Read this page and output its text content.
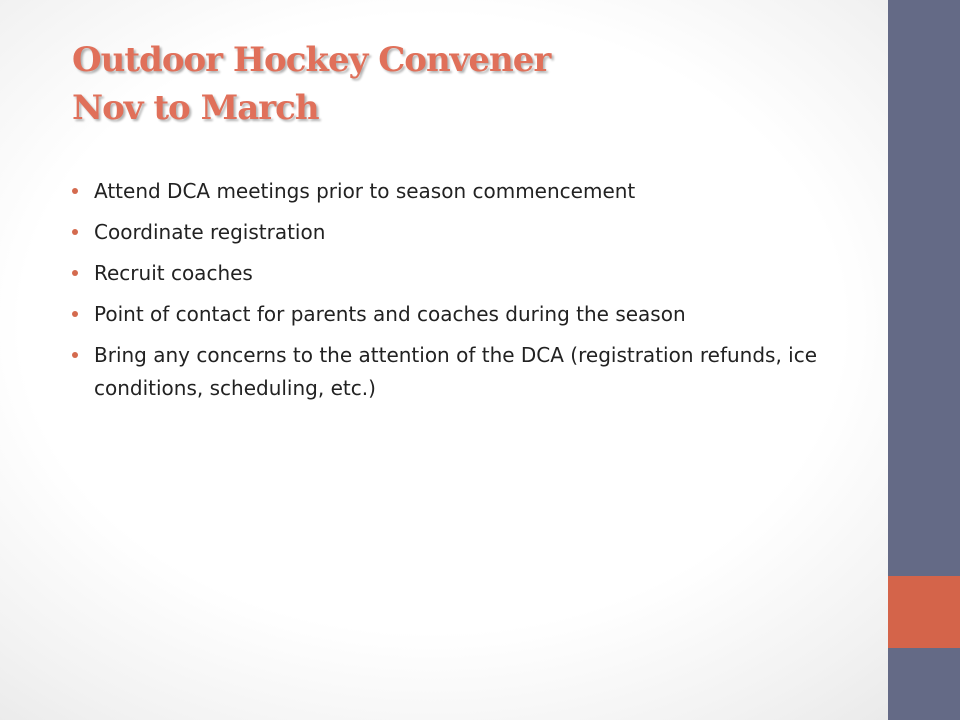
Outdoor Hockey Convener
Nov to March
Attend DCA meetings prior to season commencement
Coordinate registration
Recruit coaches
Point of contact for parents and coaches during the season
Bring any concerns to the attention of the DCA (registration refunds, ice conditions, scheduling, etc.)
